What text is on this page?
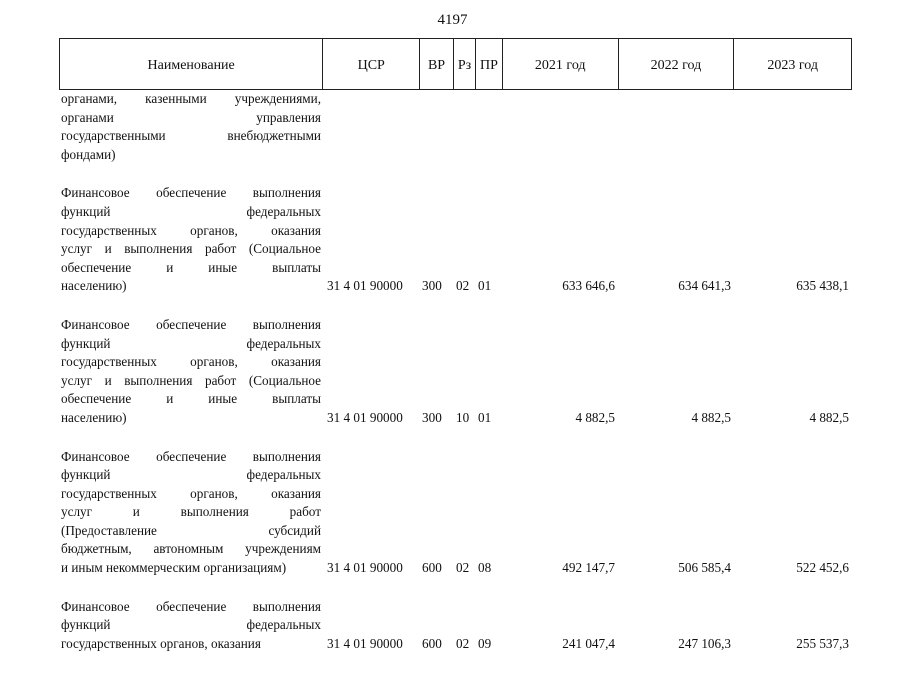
4197
Наименование	ЦСР	ВР Рз ПР	2021 год	2022 год	2023 год
органами, казенными учреждениями,
органами управления
государственными внебюджетными
фондами)
Финансовое обеспечение выполнения
функций федеральных
государственных органов, оказания
услуг и выполнения работ (Социальное
обеспечение и иные выплаты
населению)	31 4 01 90000	300	02 01	633 646,6	634 641,3	635 438,1
Финансовое обеспечение выполнения
функций федеральных
государственных органов, оказания
услуг и выполнения работ (Социальное
обеспечение и иные выплаты
населению)	31 4 01 90000	300	10 01	4 882,5	4 882,5	4 882,5
Финансовое обеспечение выполнения
функций федеральных
государственных органов, оказания
услуг и выполнения работ
(Предоставление субсидий
бюджетным, автономным учреждениям
и иным некоммерческим организациям)	31 4 01 90000	600	02 08	492 147,7	506 585,4	522 452,6
Финансовое обеспечение выполнения
функций федеральных
государственных органов, оказания	31 4 01 90000	600	02 09	241 047,4	247 106,3	255 537,3
